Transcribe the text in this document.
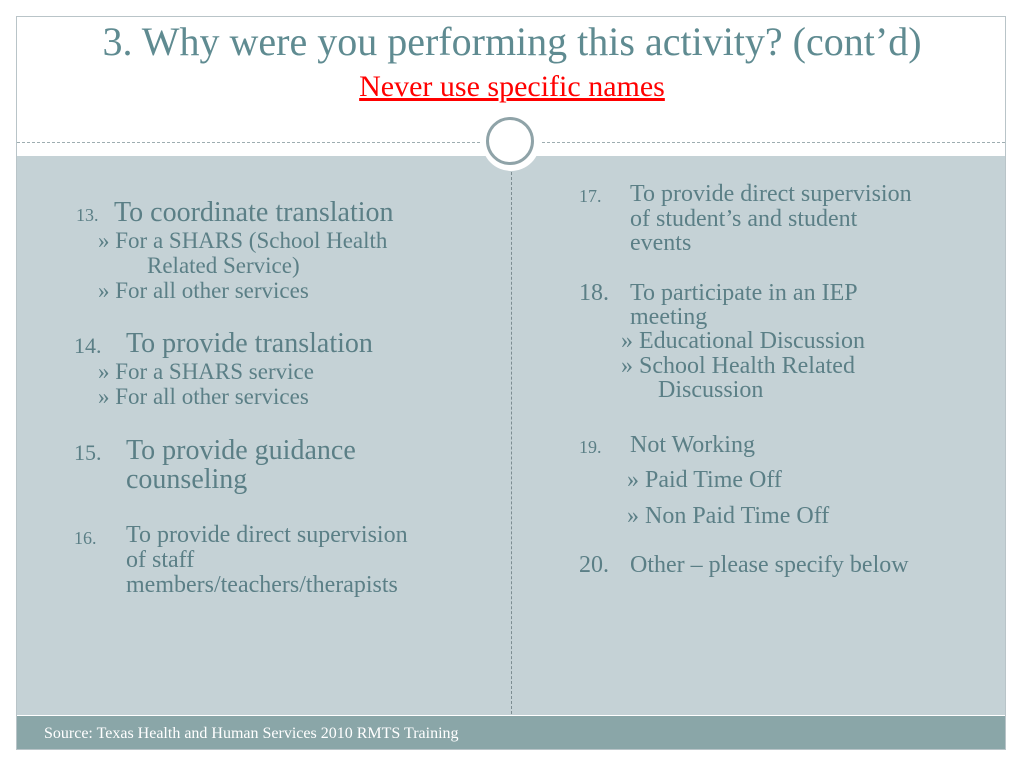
3. Why were you performing this activity? (cont’d)
Never use specific names
13. To coordinate translation
» For a SHARS (School Health
Related Service)
» For all other services
14. To provide translation
» For a SHARS service
» For all other services
15. To provide guidance
counseling
16. To provide direct supervision
of staff
members/teachers/therapists
17. To provide direct supervision
of student’s and student
events
18. To participate in an IEP
meeting
» Educational Discussion
» School Health Related
Discussion
19. Not Working
» Paid Time Off
» Non Paid Time Off
20. Other – please specify below
Source: Texas Health and Human Services 2010 RMTS Training
